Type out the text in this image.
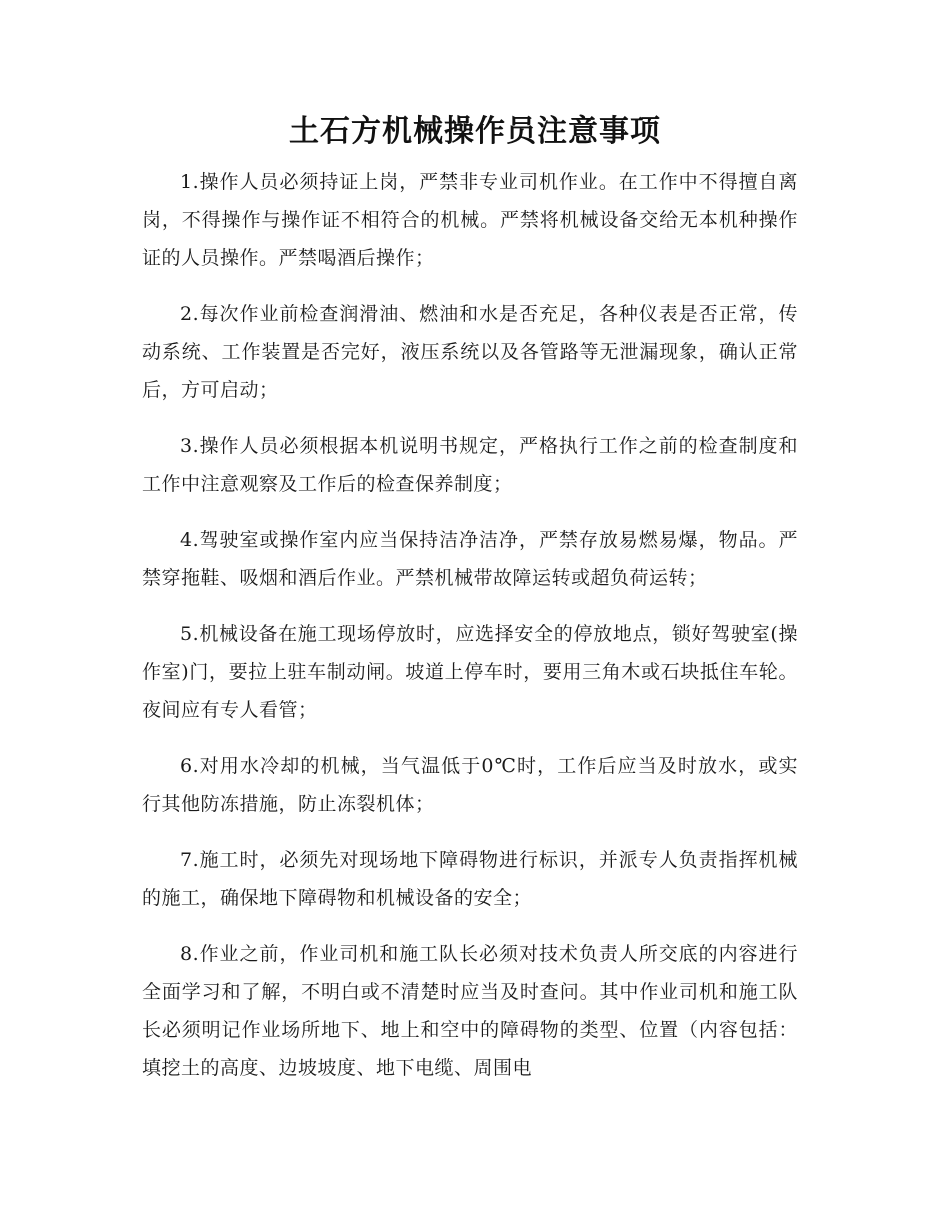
土石方机械操作员注意事项

1.操作人员必须持证上岗，严禁非专业司机作业。在工作中不得擅自离岗，不得操作与操作证不相符合的机械。严禁将机械设备交给无本机种操作证的人员操作。严禁喝酒后操作；

2.每次作业前检查润滑油、燃油和水是否充足，各种仪表是否正常，传动系统、工作装置是否完好，液压系统以及各管路等无泄漏现象，确认正常后，方可启动；

3.操作人员必须根据本机说明书规定，严格执行工作之前的检查制度和工作中注意观察及工作后的检查保养制度；

4.驾驶室或操作室内应当保持洁净洁净，严禁存放易燃易爆，物品。严禁穿拖鞋、吸烟和酒后作业。严禁机械带故障运转或超负荷运转；

5.机械设备在施工现场停放时，应选择安全的停放地点，锁好驾驶室(操作室)门，要拉上驻车制动闸。坡道上停车时，要用三角木或石块抵住车轮。夜间应有专人看管；

6.对用水冷却的机械，当气温低于0℃时，工作后应当及时放水，或实行其他防冻措施，防止冻裂机体；

7.施工时，必须先对现场地下障碍物进行标识，并派专人负责指挥机械的施工，确保地下障碍物和机械设备的安全；

8.作业之前，作业司机和施工队长必须对技术负责人所交底的内容进行全面学习和了解，不明白或不清楚时应当及时查问。其中作业司机和施工队长必须明记作业场所地下、地上和空中的障碍物的类型、位置（内容包括：填挖土的高度、边坡坡度、地下电缆、周围电
